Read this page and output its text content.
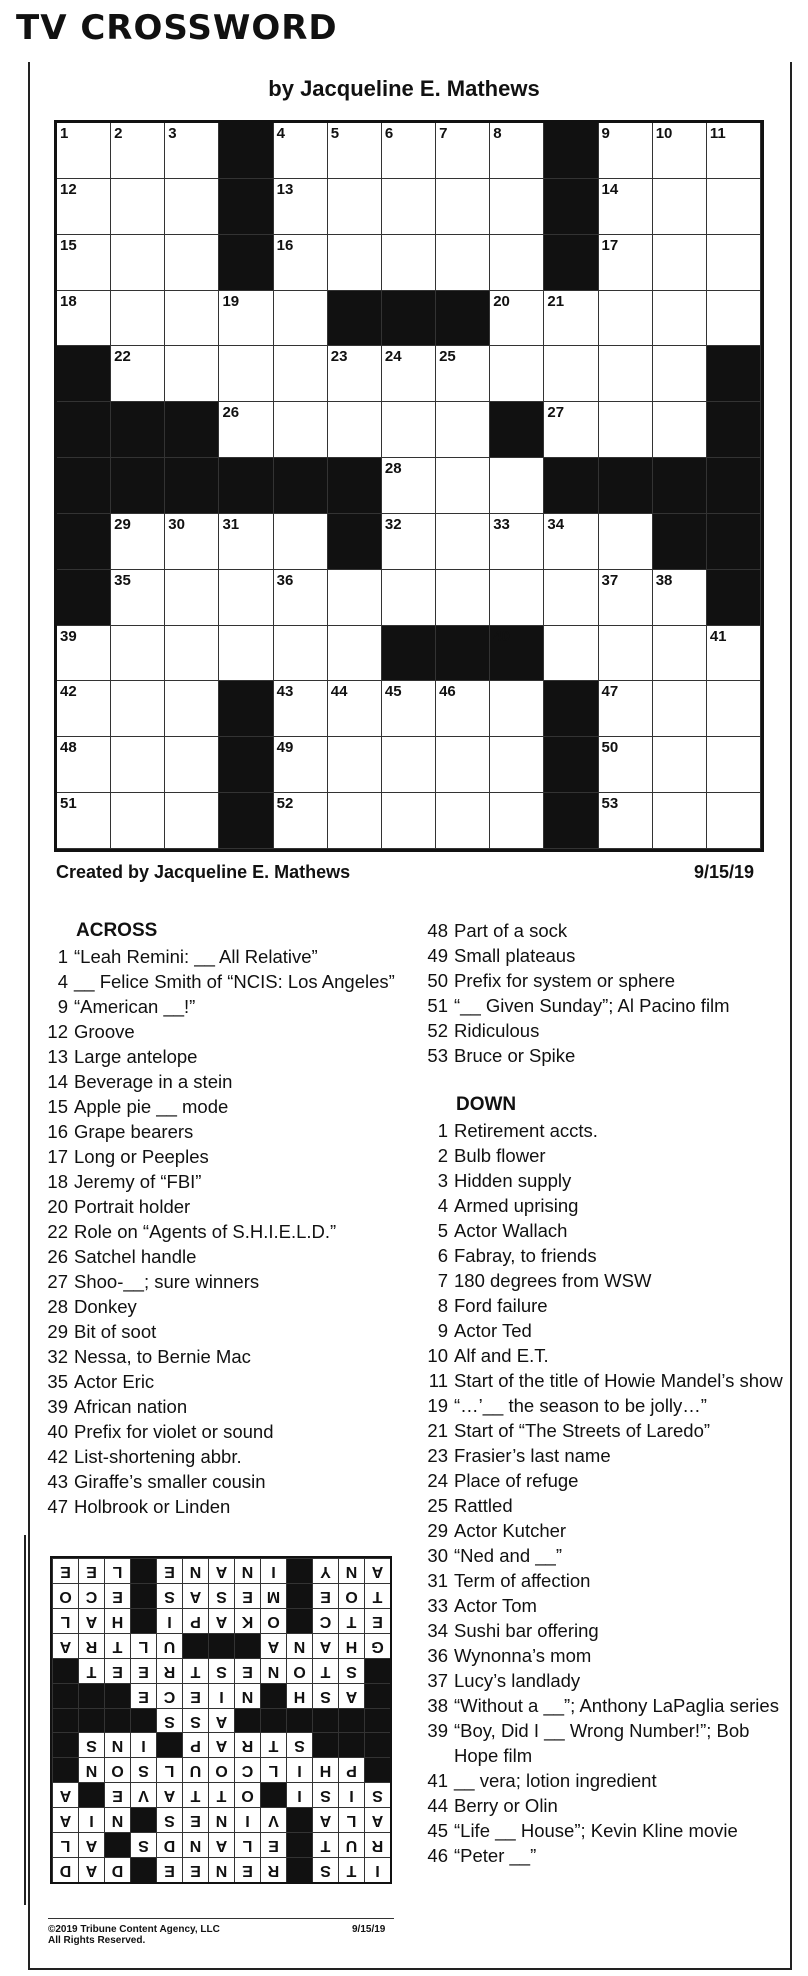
TV CROSSWORD
by Jacqueline E. Mathews
1	2	3	4	5	6	7	8	9	10 11
12	13	14
15	16	17
18	19	20 21
22	23 24 25
26	27
28
29 30 31	32	33 34
35	36	37 38
39	40	41
42	43 44 45 46	47
48	49	50
51	52	53
Created by Jacqueline E. Mathews	9/15/19
ACROSS
1 “Leah Remini: __ All Relative”
4 __ Felice Smith of “NCIS: Los Angeles”
9 “American __!”
12 Groove
13 Large antelope
14 Beverage in a stein
15 Apple pie __ mode
16 Grape bearers
17 Long or Peeples
18 Jeremy of “FBI”
20 Portrait holder
22 Role on “Agents of S.H.I.E.L.D.”
26 Satchel handle
27 Shoo-__; sure winners
28 Donkey
29 Bit of soot
32 Nessa, to Bernie Mac
35 Actor Eric
39 African nation
40 Prefix for violet or sound
42 List-shortening abbr.
43 Giraffe’s smaller cousin
47 Holbrook or Linden
48 Part of a sock
49 Small plateaus
50 Prefix for system or sphere
51 “__ Given Sunday”; Al Pacino film
52 Ridiculous
53 Bruce or Spike
DOWN
1 Retirement accts.
2 Bulb flower
3 Hidden supply
4 Armed uprising
5 Actor Wallach
6 Fabray, to friends
7 180 degrees from WSW
8 Ford failure
9 Actor Ted
10 Alf and E.T.
11 Start of the title of Howie Mandel’s show
19 “…’__ the season to be jolly…”
21 Start of “The Streets of Laredo”
23 Frasier’s last name
24 Place of refuge
25 Rattled
29 Actor Kutcher
30 “Ned and __”
31 Term of affection
33 Actor Tom
34 Sushi bar offering
36 Wynonna’s mom
37 Lucy’s landlady
38 “Without a __”; Anthony LaPaglia series
39 “Boy, Did I __ Wrong Number!”; Bob Hope film
41 __ vera; lotion ingredient
44 Berry or Olin
45 “Life __ House”; Kevin Kline movie
46 “Peter __”
I
T
S
R
E
N
E
E
D
A
D
R
U
T
E
L
A
N
D
S
A
L
A
L
A
V
I
N
E
S
N
I
A
S
I
S
I
O
T
T
A
V
E
A
P
H
I
L
C
O
U
L
S
O
N
S
T
R
A
P
I
N
S
A
S
S
A
S
H
N
I
E
C
E
S
T
O
N
E
S
T
R
E
E
T
G
H
A
N
A
U
L
T
R
A
E
T
C
O
K
A
P
I
H
A
L
T
O
E
M
E
S
A
S
E
C
O
A
N
Y
I
N
A
N
E
L
E
E
©2019 Tribune Content Agency, LLC
All Rights Reserved.
9/15/19
